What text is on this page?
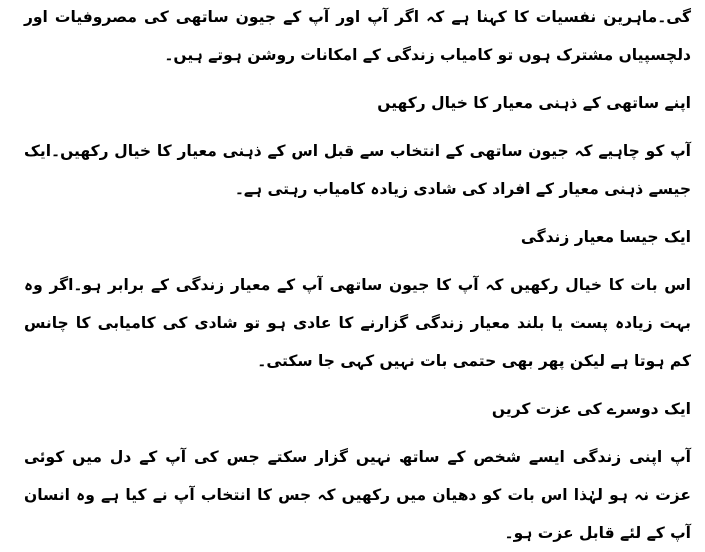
گی۔ماہرین نفسیات کا کہنا ہے کہ اگر آپ اور آپ کے جیون ساتھی کی مصروفیات اور دلچسپیاں مشترک ہوں تو کامیاب زندگی کے امکانات روشن ہوتے ہیں۔

اپنے ساتھی کے ذہنی معیار کا خیال رکھیں

آپ کو چاہیے کہ جیون ساتھی کے انتخاب سے قبل اس کے ذہنی معیار کا خیال رکھیں۔ایک جیسے ذہنی معیار کے افراد کی شادی زیادہ کامیاب رہتی ہے۔

ایک جیسا معیار زندگی

اس بات کا خیال رکھیں کہ آپ کا جیون ساتھی آپ کے معیار زندگی کے برابر ہو۔اگر وہ بہت زیادہ پست یا بلند معیار زندگی گزارنے کا عادی ہو تو شادی کی کامیابی کا چانس کم ہوتا ہے لیکن پھر بھی حتمی بات نہیں کہی جا سکتی۔

ایک دوسرے کی عزت کریں

آپ اپنی زندگی ایسے شخص کے ساتھ نہیں گزار سکتے جس کی آپ کے دل میں کوئی عزت نہ ہو لہٰذا اس بات کو دھیان میں رکھیں کہ جس کا انتخاب آپ نے کیا ہے وہ انسان آپ کے لئے قابل عزت ہو۔
